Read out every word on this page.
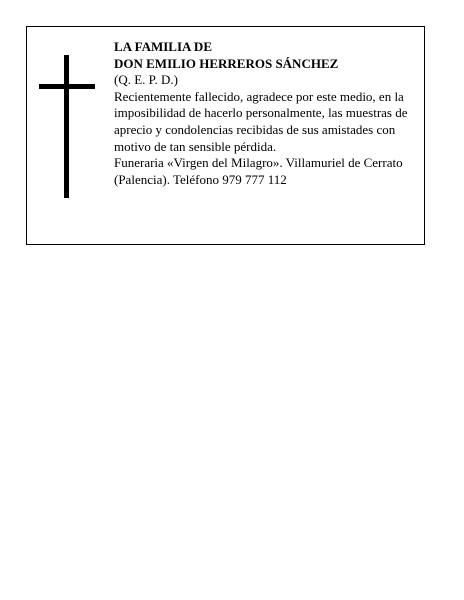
LA FAMILIA DE

DON EMILIO HERREROS SÁNCHEZ

(Q. E. P. D.)

Recientemente fallecido, agradece por este medio, en la imposibilidad de hacerlo personalmente, las muestras de aprecio y condolencias recibidas de sus amistades con motivo de tan sensible pérdida.

Funeraria «Virgen del Milagro». Villamuriel de Cerrato (Palencia). Teléfono 979 777 112
